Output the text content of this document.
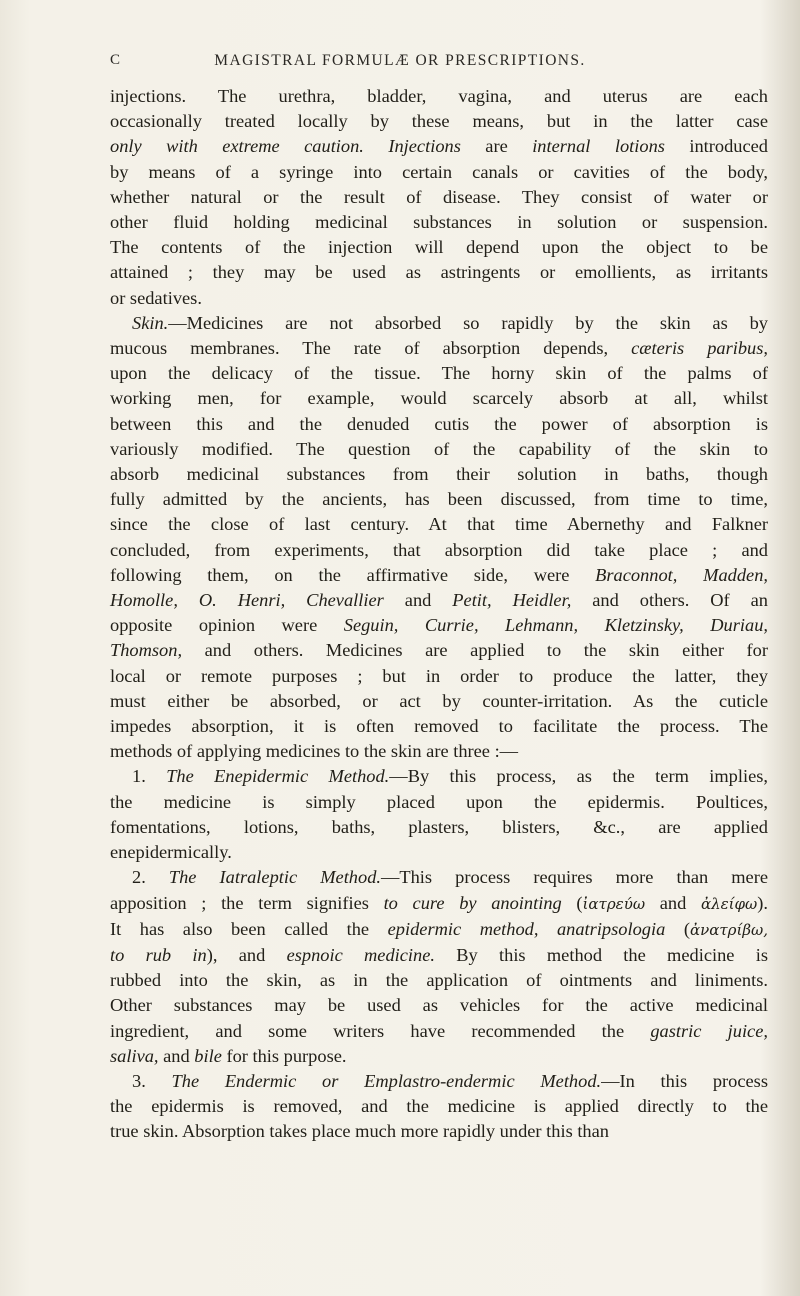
C	MAGISTRAL FORMULÆ OR PRESCRIPTIONS.
injections. The urethra, bladder, vagina, and uterus are each
occasionally treated locally by these means, but in the latter case
only with extreme caution. Injections are internal lotions introduced
by means of a syringe into certain canals or cavities of the body,
whether natural or the result of disease. They consist of water or
other fluid holding medicinal substances in solution or suspension.
The contents of the injection will depend upon the object to be
attained ; they may be used as astringents or emollients, as irritants
or sedatives.
Skin.—Medicines are not absorbed so rapidly by the skin as by
mucous membranes. The rate of absorption depends, cæteris paribus,
upon the delicacy of the tissue. The horny skin of the palms of
working men, for example, would scarcely absorb at all, whilst
between this and the denuded cutis the power of absorption is
variously modified. The question of the capability of the skin to
absorb medicinal substances from their solution in baths, though
fully admitted by the ancients, has been discussed, from time to time,
since the close of last century. At that time Abernethy and Falkner
concluded, from experiments, that absorption did take place ; and
following them, on the affirmative side, were Braconnot, Madden,
Homolle, O. Henri, Chevallier and Petit, Heidler, and others. Of an
opposite opinion were Seguin, Currie, Lehmann, Kletzinsky, Duriau,
Thomson, and others. Medicines are applied to the skin either for
local or remote purposes ; but in order to produce the latter, they
must either be absorbed, or act by counter-irritation. As the cuticle
impedes absorption, it is often removed to facilitate the process. The
methods of applying medicines to the skin are three :—
1. The Enepidermic Method.—By this process, as the term implies,
the medicine is simply placed upon the epidermis. Poultices,
fomentations, lotions, baths, plasters, blisters, &c., are applied
enepidermically.
2. The Iatraleptic Method.—This process requires more than mere
apposition ; the term signifies to cure by anointing (ἰατρεύω and ἀλείφω).
It has also been called the epidermic method, anatripsologia (ἀνατρίβω,
to rub in), and espnoic medicine. By this method the medicine is
rubbed into the skin, as in the application of ointments and liniments.
Other substances may be used as vehicles for the active medicinal
ingredient, and some writers have recommended the gastric juice,
saliva, and bile for this purpose.
3. The Endermic or Emplastro-endermic Method.—In this process
the epidermis is removed, and the medicine is applied directly to the
true skin. Absorption takes place much more rapidly under this than
